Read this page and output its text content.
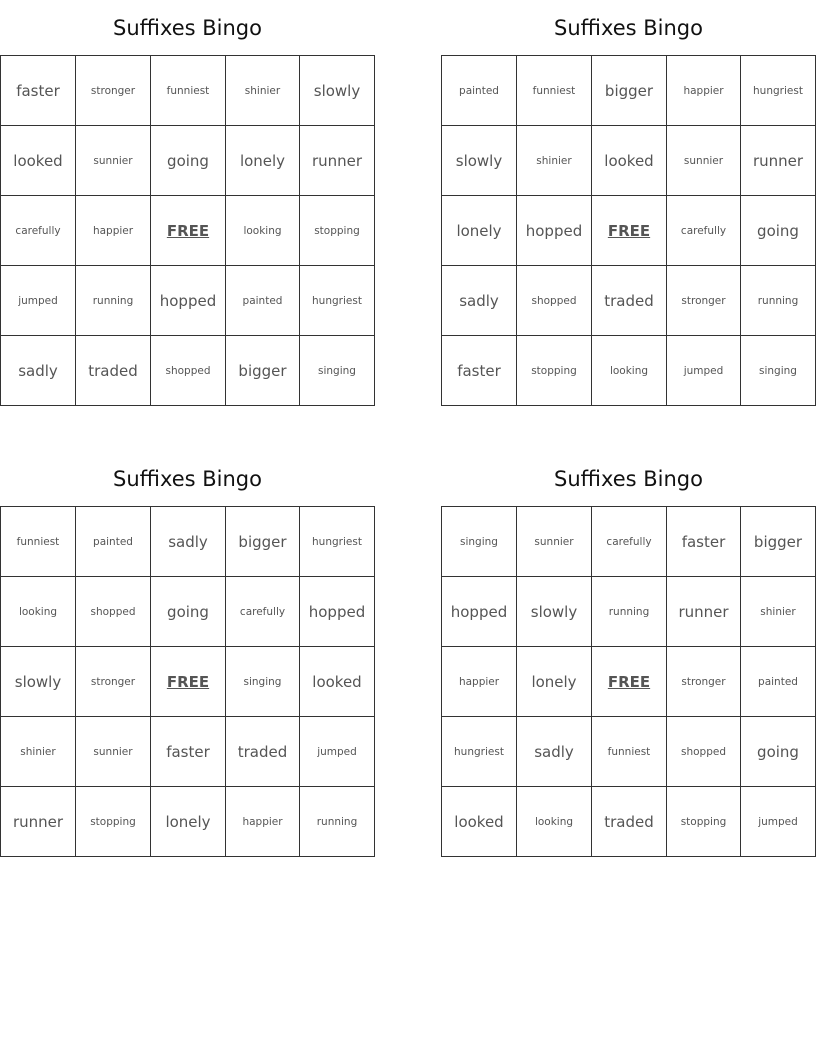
Suffixes Bingo
faster	stronger	funniest	shinier	slowly
looked	sunnier	going	lonely	runner
carefully	happier	FREE	looking	stopping
jumped	running	hopped	painted	hungriest
sadly	traded	shopped	bigger	singing
Suffixes Bingo
painted	funniest	bigger	happier	hungriest
slowly	shinier	looked	sunnier	runner
lonely	hopped	FREE	carefully	going
sadly	shopped	traded	stronger	running
faster	stopping	looking	jumped	singing
Suffixes Bingo
funniest	painted	sadly	bigger	hungriest
looking	shopped	going	carefully	hopped
slowly	stronger	FREE	singing	looked
shinier	sunnier	faster	traded	jumped
runner	stopping	lonely	happier	running
Suffixes Bingo
singing	sunnier	carefully	faster	bigger
hopped	slowly	running	runner	shinier
happier	lonely	FREE	stronger	painted
hungriest	sadly	funniest	shopped	going
looked	looking	traded	stopping	jumped
